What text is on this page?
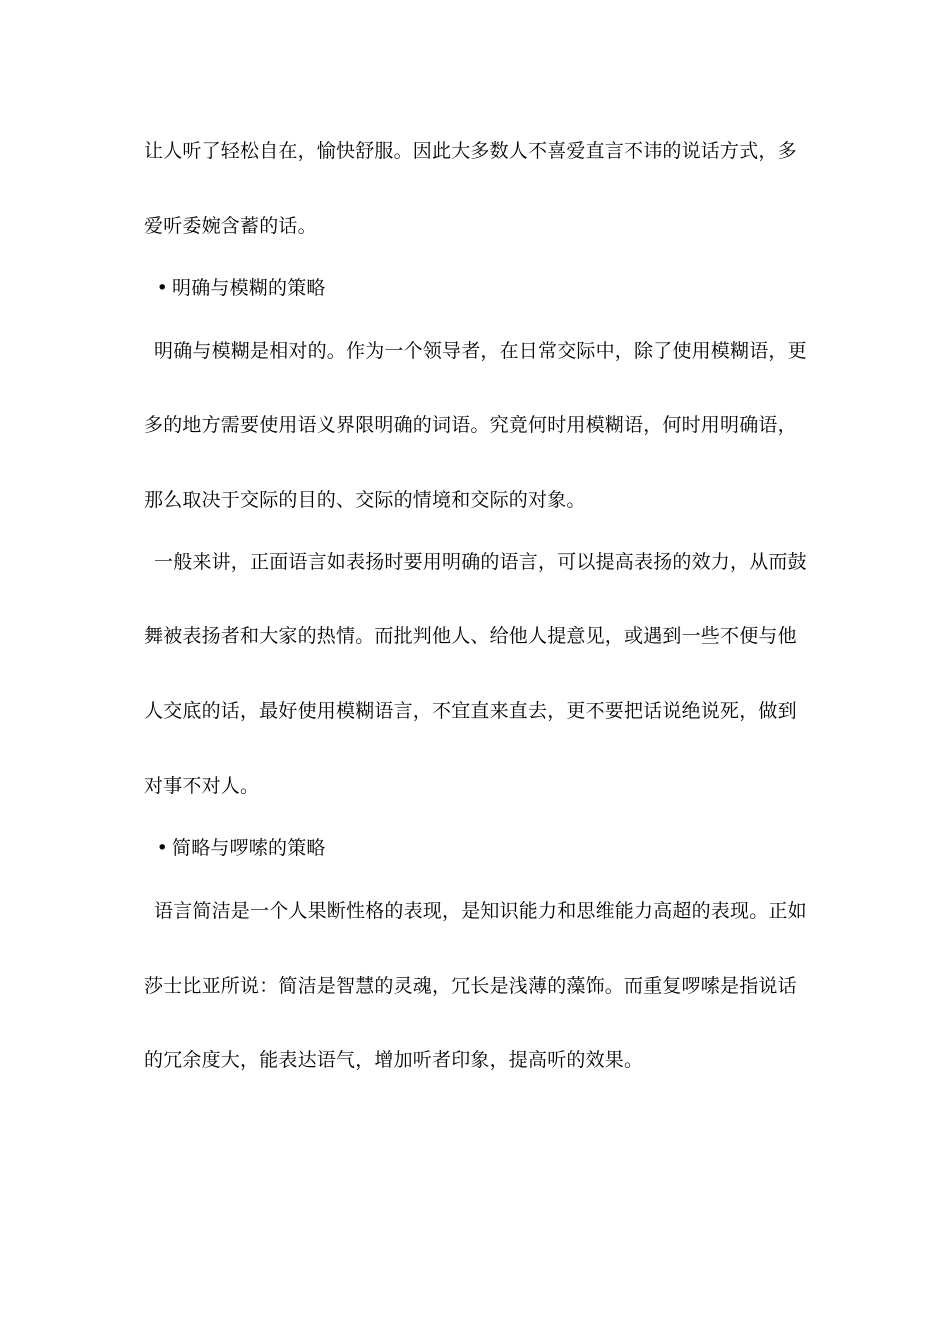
让人听了轻松自在，愉快舒服。因此大多数人不喜爱直言不讳的说话方式，多
爱听委婉含蓄的话。
• 明确与模糊的策略
明确与模糊是相对的。作为一个领导者，在日常交际中，除了使用模糊语，更
多的地方需要使用语义界限明确的词语。究竟何时用模糊语，何时用明确语，
那么取决于交际的目的、交际的情境和交际的对象。
一般来讲，正面语言如表扬时要用明确的语言，可以提高表扬的效力，从而鼓
舞被表扬者和大家的热情。而批判他人、给他人提意见，或遇到一些不便与他
人交底的话，最好使用模糊语言，不宜直来直去，更不要把话说绝说死，做到
对事不对人。
• 简略与啰嗦的策略
语言简洁是一个人果断性格的表现，是知识能力和思维能力高超的表现。正如
莎士比亚所说：简洁是智慧的灵魂，冗长是浅薄的藻饰。而重复啰嗦是指说话
的冗余度大，能表达语气，增加听者印象，提高听的效果。
